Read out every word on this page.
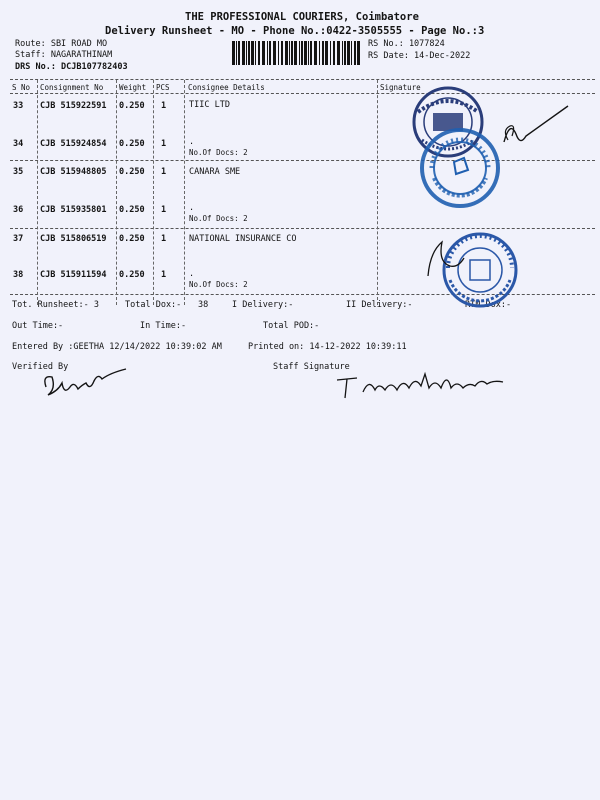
THE PROFESSIONAL COURIERS, Coimbatore
Delivery Runsheet - MO - Phone No.:0422-3505555 - Page No.:3
Route: SBI ROAD MO
Staff: NAGARATHINAM
DRS No.: DCJB107782403
RS No.: 1077824
RS Date: 14-Dec-2022
S No Consignment No Weight PCS Consignee Details	Signature
33 CJB 515922591 0.250 1	TIIC LTD
34 CJB 515924854 0.250 1	.
No.Of Docs: 2
35 CJB 515948805 0.250 1	CANARA SME
36 CJB 515935801 0.250 1	.
No.Of Docs: 2
37 CJB 515806519 0.250 1	NATIONAL INSURANCE CO
38 CJB 515911594 0.250 1	.
No.Of Docs: 2
Tot. Runsheet:- 3	Total Dox:- 38	I Delivery:-	II Delivery:-	RTN Dox:-
Out Time:-	In Time:-	Total POD:-
Entered By :GEETHA 12/14/2022 10:39:02 AM	Printed on: 14-12-2022 10:39:11
Verified By	Staff Signature
